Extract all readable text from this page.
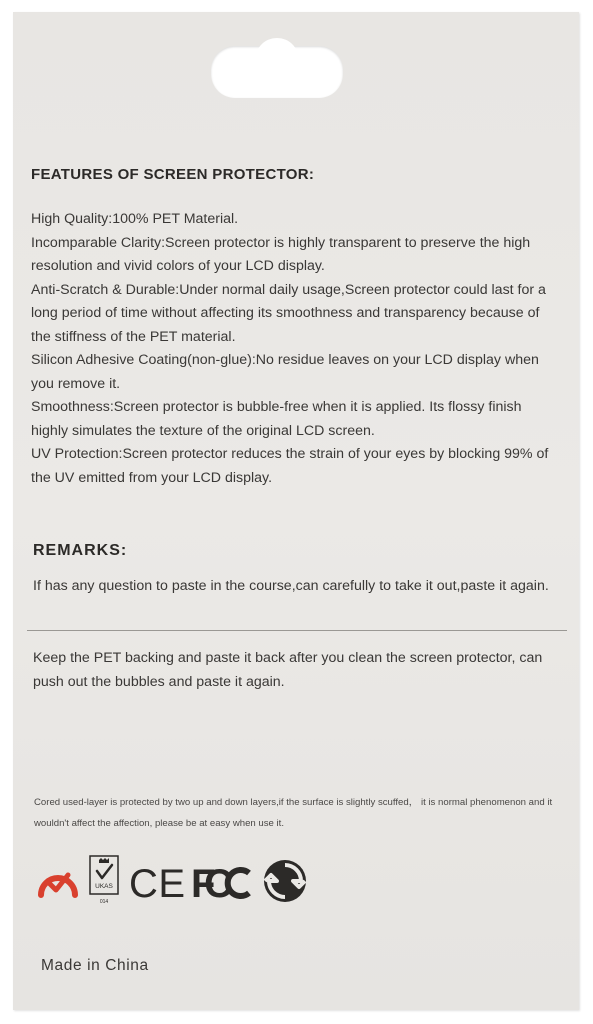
FEATURES OF SCREEN PROTECTOR:

High Quality:100% PET Material.

Incomparable Clarity:Screen protector is highly transparent to preserve the high resolution and vivid colors of your LCD display.

Anti-Scratch & Durable:Under normal daily usage,Screen protector could last for a long period of time without affecting its smoothness and transparency because of the stiffness of the PET material.

Silicon Adhesive Coating(non-glue):No residue leaves on your LCD display when you remove it.

Smoothness:Screen protector is bubble-free when it is applied. Its flossy finish highly simulates the texture of the original LCD screen.

UV Protection:Screen protector reduces the strain of your eyes by blocking 99% of the UV emitted from your LCD display.

REMARKS:
If has any question to paste in the course,can carefully to take it out,paste it again.
Keep the PET backing and paste it back after you clean the screen protector, can push out the bubbles and paste it again.
Cored used-layer is protected by two up and down layers,if the surface is slightly scuffed， it is normal phenomenon and it wouldn't affect the affection, please be at easy when use it.
UKAS
014 CE FC
Made in China
